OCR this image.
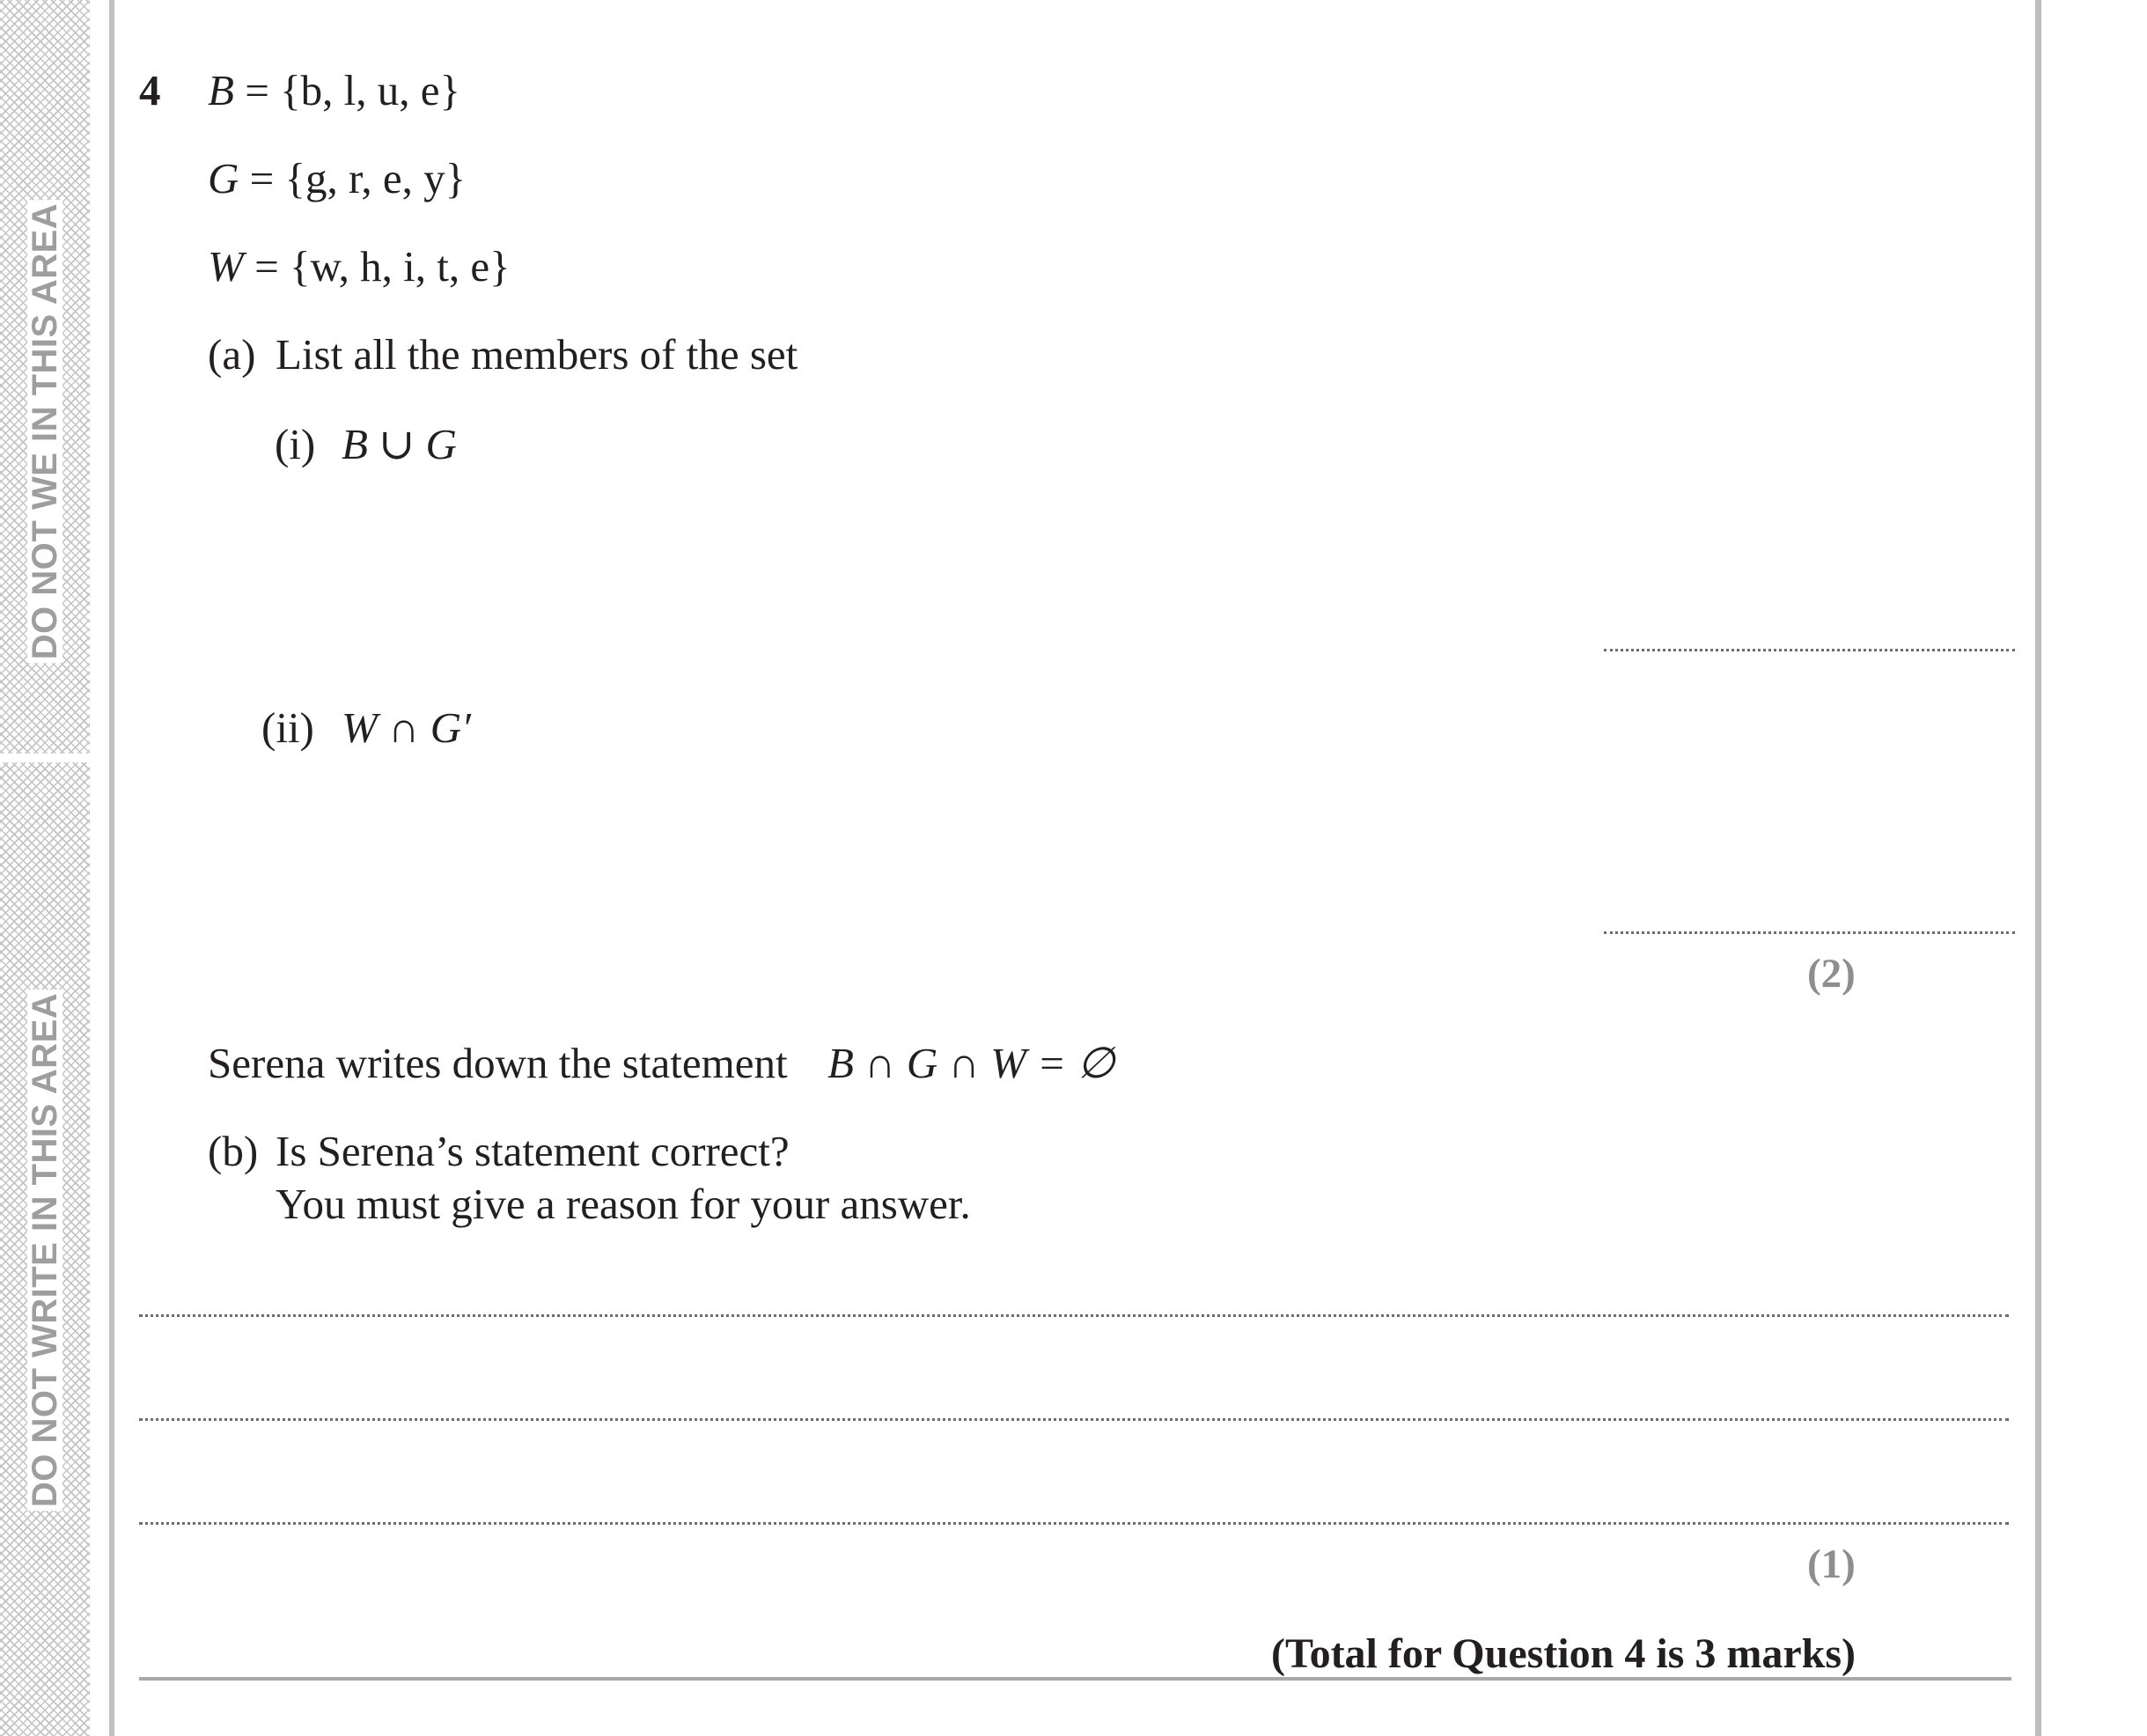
DO NOT WE IN THIS AREA
DO NOT WRITE IN THIS AREA
4 B = {b, l, u, e}
G = {g, r, e, y}
W = {w, h, i, t, e}
(a) List all the members of the set
(i) B ∪ G
(ii) W ∩ G′
(2)
Serena writes down the statement B ∩ G ∩ W = ∅
(b) Is Serena’s statement correct?
You must give a reason for your answer.
(1)
(Total for Question 4 is 3 marks)
